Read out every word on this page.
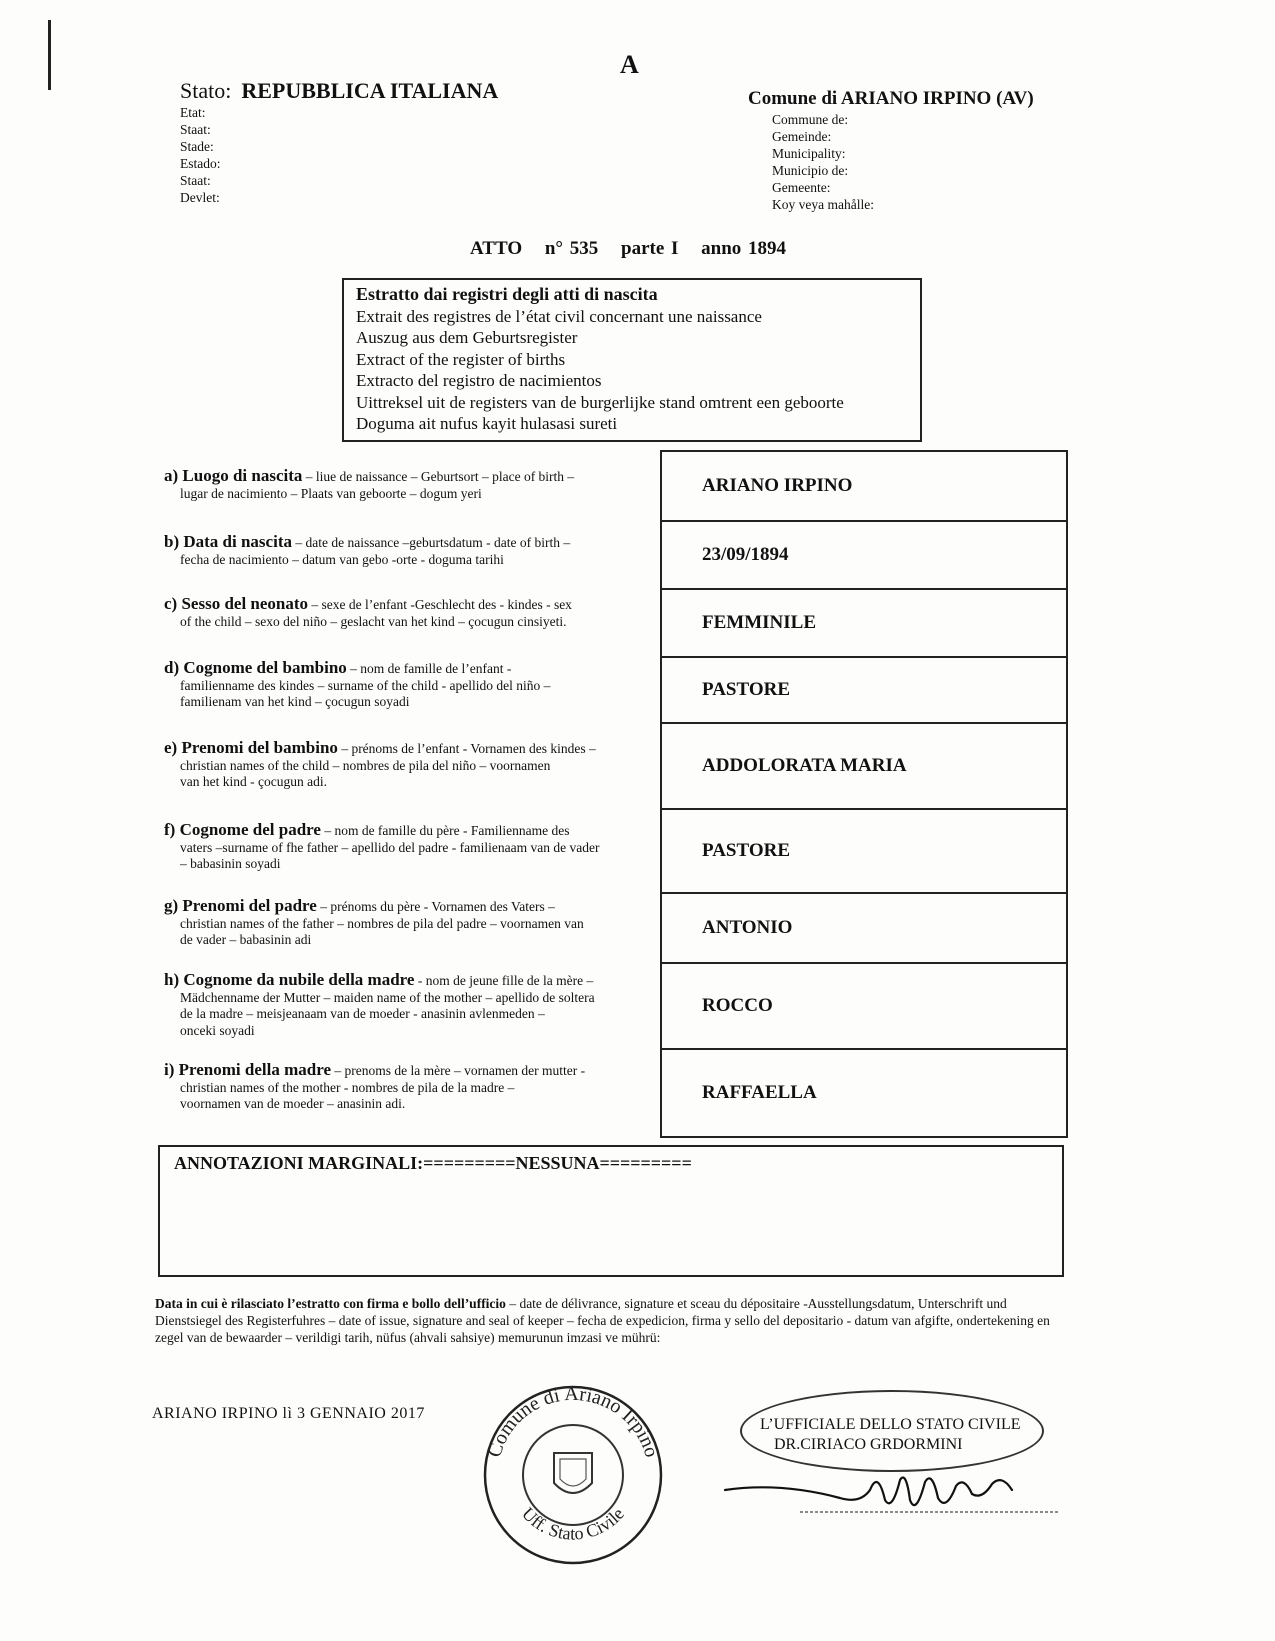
A
Stato: REPUBBLICA ITALIANA
Etat:
Staat:
Stade:
Estado:
Staat:
Devlet:
Comune di ARIANO IRPINO (AV)
Commune de:
Gemeinde:
Municipality:
Municipio de:
Gemeente:
Koy veya mahålle:
ATTO n° 535 parte I anno 1894
Estratto dai registri degli atti di nascita
Extrait des registres de l’état civil concernant une naissance
Auszug aus dem Geburtsregister
Extract of the register of births
Extracto del registro de nacimientos
Uittreksel uit de registers van de burgerlijke stand omtrent een geboorte
Doguma ait nufus kayit hulasasi sureti
a) Luogo di nascita – liue de naissance – Geburtsort – place of birth –
lugar de nacimiento – Plaats van geboorte – dogum yeri
b) Data di nascita – date de naissance –geburtsdatum - date of birth –
fecha de nacimiento – datum van gebo -orte - doguma tarihi
c) Sesso del neonato – sexe de l’enfant -Geschlecht des - kindes - sex
of the child – sexo del niño – geslacht van het kind – çocugun cinsiyeti.
d) Cognome del bambino – nom de famille de l’enfant -
familienname des kindes – surname of the child - apellido del niño –
familienam van het kind – çocugun soyadi
e) Prenomi del bambino – prénoms de l’enfant - Vornamen des kindes –
christian names of the child – nombres de pila del niño – voornamen
van het kind - çocugun adi.
f) Cognome del padre – nom de famille du père - Familienname des
vaters –surname of fhe father – apellido del padre - familienaam van de vader
– babasinin soyadi
g) Prenomi del padre – prénoms du père - Vornamen des Vaters –
christian names of the father – nombres de pila del padre – voornamen van
de vader – babasinin adi
h) Cognome da nubile della madre - nom de jeune fille de la mère –
Mädchenname der Mutter – maiden name of the mother – apellido de soltera
de la madre – meisjeanaam van de moeder - anasinin avlenmeden –
onceki soyadi
i) Prenomi della madre – prenoms de la mère – vornamen der mutter -
christian names of the mother - nombres de pila de la madre –
voornamen van de moeder – anasinin adi.
ARIANO IRPINO
23/09/1894
FEMMINILE
PASTORE
ADDOLORATA MARIA
PASTORE
ANTONIO
ROCCO
RAFFAELLA
ANNOTAZIONI MARGINALI:=========NESSUNA=========
Data in cui è rilasciato l’estratto con firma e bollo dell’ufficio – date de délivrance, signature et sceau du dépositaire -Ausstellungsdatum, Unterschrift und Dienstsiegel des Registerfuhres – date of issue, signature and seal of keeper – fecha de expedicion, firma y sello del depositario - datum van afgifte, ondertekening en zegel van de bewaarder – verildigi tarih, nüfus (ahvali sahsiye) memurunun imzasi ve mührü:
ARIANO IRPINO lì 3 GENNAIO 2017
Comune di Ariano Irpino
Uff. Stato Civile
L’UFFICIALE DELLO STATO CIVILE
DR.CIRIACO GRDORMINI
